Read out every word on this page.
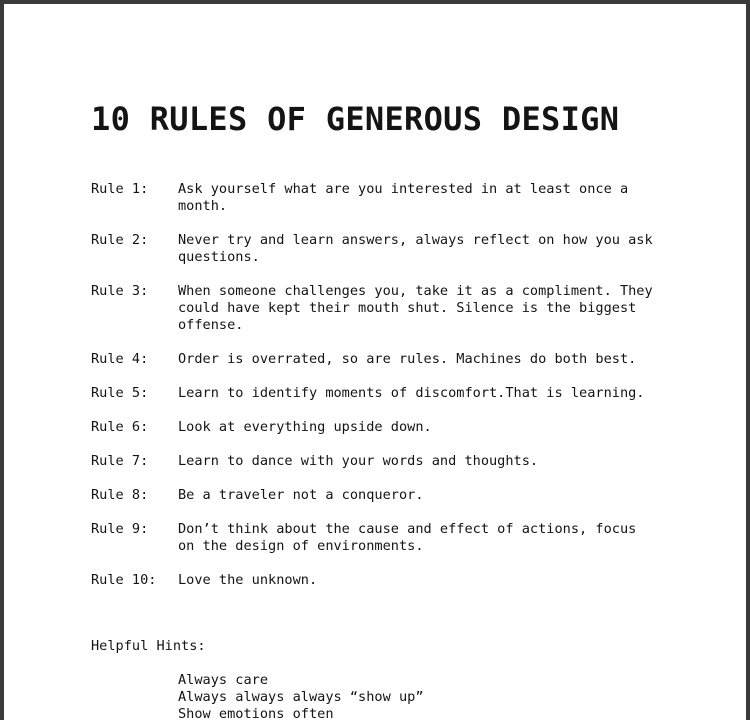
10 RULES OF GENEROUS DESIGN
Rule 1:	Ask yourself what are you interested in at least once a month.
Rule 2:	Never try and learn answers, always reflect on how you ask questions.
Rule 3:	When someone challenges you, take it as a compliment. They could have kept their mouth shut. Silence is the biggest offense.
Rule 4:	Order is overrated, so are rules. Machines do both best.
Rule 5:	Learn to identify moments of discomfort.That is learning.
Rule 6:	Look at everything upside down.
Rule 7:	Learn to dance with your words and thoughts.
Rule 8:	Be a traveler not a conqueror.
Rule 9:	Don’t think about the cause and effect of actions, focus on the design of environments.
Rule 10:	Love the unknown.
Helpful Hints:
Always care
Always always always “show up”
Show emotions often
